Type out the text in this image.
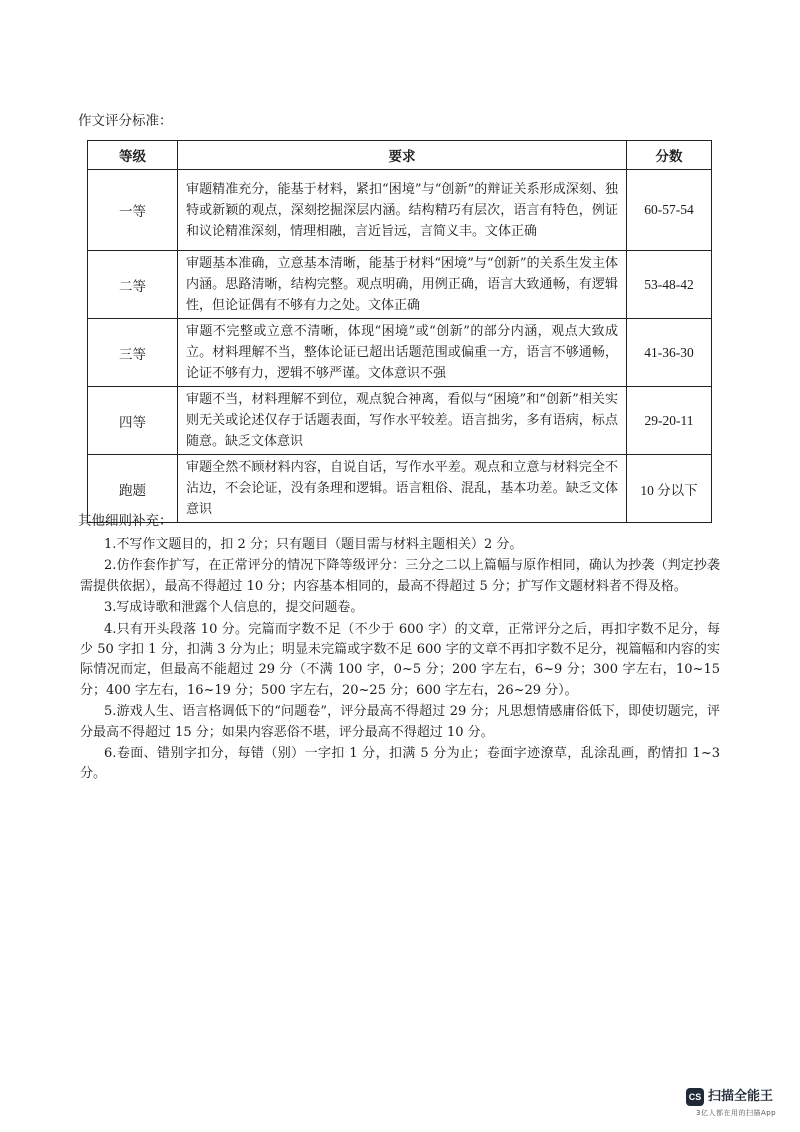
作文评分标准：
等级	要求	分数
一等	审题精准充分，能基于材料，紧扣“困境”与“创新”的辩证关系形成深刻、独特或新颖的观点，深刻挖掘深层内涵。结构精巧有层次，语言有特色，例证和议论精准深刻，情理相融，言近旨远，言简义丰。文体正确	60-57-54
二等	审题基本准确，立意基本清晰，能基于材料“困境”与“创新”的关系生发主体内涵。思路清晰，结构完整。观点明确，用例正确，语言大致通畅，有逻辑性，但论证偶有不够有力之处。文体正确	53-48-42
三等	审题不完整或立意不清晰，体现“困境”或“创新”的部分内涵，观点大致成立。材料理解不当，整体论证已超出话题范围或偏重一方，语言不够通畅，论证不够有力，逻辑不够严谨。文体意识不强	41-36-30
四等	审题不当，材料理解不到位，观点貌合神离，看似与“困境”和“创新”相关实则无关或论述仅存于话题表面，写作水平较差。语言拙劣，多有语病，标点随意。缺乏文体意识	29-20-11
跑题	审题全然不顾材料内容，自说自话，写作水平差。观点和立意与材料完全不沾边，不会论证，没有条理和逻辑。语言粗俗、混乱，基本功差。缺乏文体意识	10 分以下
其他细则补充：

1.不写作文题目的，扣 2 分；只有题目（题目需与材料主题相关）2 分。

2.仿作套作扩写，在正常评分的情况下降等级评分：三分之二以上篇幅与原作相同，确认为抄袭（判定抄袭需提供依据），最高不得超过 10 分；内容基本相同的，最高不得超过 5 分；扩写作文题材料者不得及格。

3.写成诗歌和泄露个人信息的，提交问题卷。

4.只有开头段落 10 分。完篇而字数不足（不少于 600 字）的文章，正常评分之后，再扣字数不足分，每少 50 字扣 1 分，扣满 3 分为止；明显未完篇或字数不足 600 字的文章不再扣字数不足分，视篇幅和内容的实际情况而定，但最高不能超过 29 分（不满 100 字，0~5 分；200 字左右，6~9 分；300 字左右，10~15 分；400 字左右，16~19 分；500 字左右，20~25 分；600 字左右，26~29 分）。

5.游戏人生、语言格调低下的“问题卷”，评分最高不得超过 29 分；凡思想情感庸俗低下，即使切题完，评分最高不得超过 15 分；如果内容恶俗不堪，评分最高不得超过 10 分。

6.卷面、错别字扣分，每错（别）一字扣 1 分，扣满 5 分为止；卷面字迹潦草，乱涂乱画，酌情扣 1~3 分。

CS 扫描全能王
3亿人都在用的扫描App
